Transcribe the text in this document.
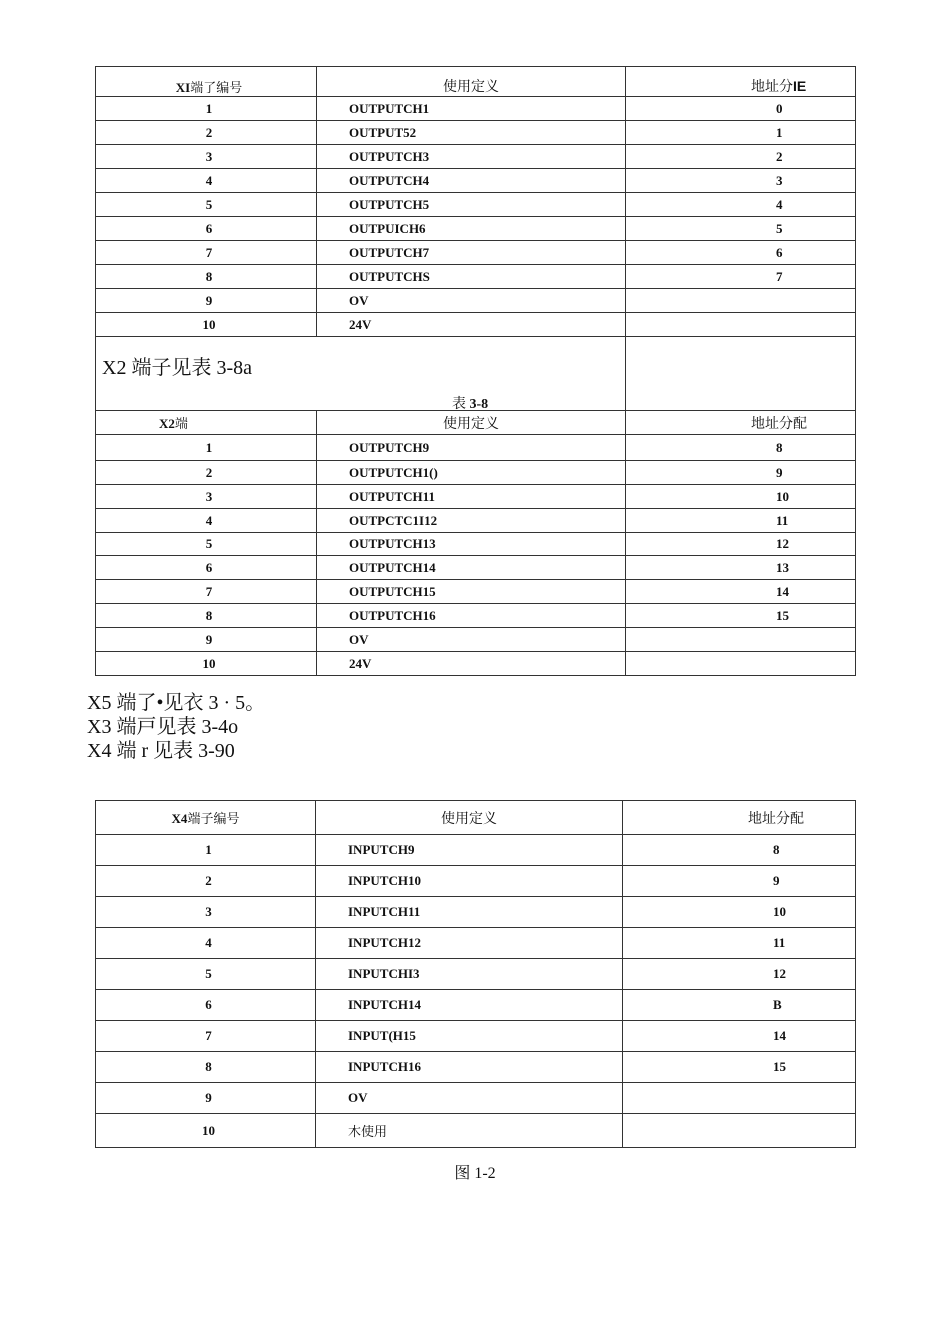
XI端了编号	使用定义	地址分IE
1	OUTPUTCH1	0
2	OUTPUT52	1
3	OUTPUTCH3	2
4	OUTPUTCH4	3
5	OUTPUTCH5	4
6	OUTPUICH6	5
7	OUTPUTCH7	6
8	OUTPUTCHS	7
9	OV	
10	24V	

X2 端子见表 3-8a
表 3-8		

X2端	使用定义	地址分配
1	OUTPUTCH9	8
2	OUTPUTCH1()	9
3	OUTPUTCH11	10
4	OUTPCTC1I12	11
5	OUTPUTCH13	12
6	OUTPUTCH14	13
7	OUTPUTCH15	14
8	OUTPUTCH16	15
9	OV	
10	24V	
X5 端了•见衣 3 · 5。
X3 端戸见表 3-4o
X4 端 r 见表 3-90
X4端子编号	使用定义	地址分配
1	INPUTCH9	8
2	INPUTCH10	9
3	INPUTCH11	10
4	INPUTCH12	11
5	INPUTCHI3	12
6	INPUTCH14	B
7	INPUT(H15	14
8	INPUTCH16	15
9	OV	
10	木使用	
图 1-2
